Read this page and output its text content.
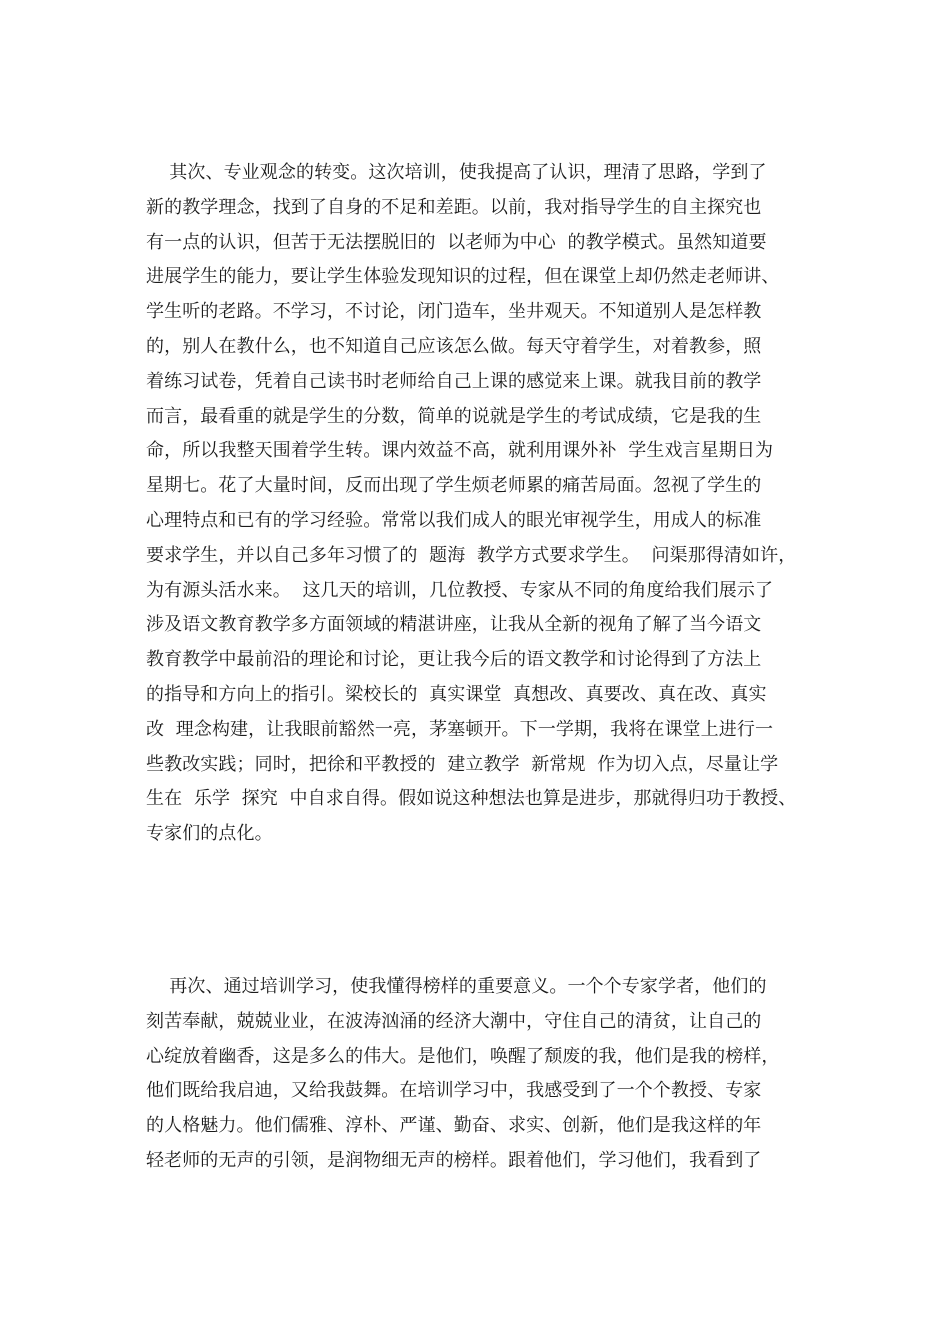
其次、专业观念的转变。这次培训，使我提高了认识，理清了思路，学到了
新的教学理念，找到了自身的不足和差距。以前，我对指导学生的自主探究也
有一点的认识，但苦于无法摆脱旧的  以老师为中心  的教学模式。虽然知道要
进展学生的能力，要让学生体验发现知识的过程，但在课堂上却仍然走老师讲、
学生听的老路。不学习，不讨论，闭门造车，坐井观天。不知道别人是怎样教
的，别人在教什么，也不知道自己应该怎么做。每天守着学生，对着教参，照
着练习试卷，凭着自己读书时老师给自己上课的感觉来上课。就我目前的教学
而言，最看重的就是学生的分数，简单的说就是学生的考试成绩，它是我的生
命，所以我整天围着学生转。课内效益不高，就利用课外补  学生戏言星期日为
星期七。花了大量时间，反而出现了学生烦老师累的痛苦局面。忽视了学生的
心理特点和已有的学习经验。常常以我们成人的眼光审视学生，用成人的标准
要求学生，并以自己多年习惯了的  题海  教学方式要求学生。  问渠那得清如许，
为有源头活水来。  这几天的培训，几位教授、专家从不同的角度给我们展示了
涉及语文教育教学多方面领域的精湛讲座，让我从全新的视角了解了当今语文
教育教学中最前沿的理论和讨论，更让我今后的语文教学和讨论得到了方法上
的指导和方向上的指引。梁校长的  真实课堂  真想改、真要改、真在改、真实
改  理念构建，让我眼前豁然一亮，茅塞顿开。下一学期，我将在课堂上进行一
些教改实践；同时，把徐和平教授的  建立教学  新常规  作为切入点，尽量让学
生在  乐学  探究  中自求自得。假如说这种想法也算是进步，那就得归功于教授、
专家们的点化。
再次、通过培训学习，使我懂得榜样的重要意义。一个个专家学者，他们的
刻苦奉献，兢兢业业，在波涛汹涌的经济大潮中，守住自己的清贫，让自己的
心绽放着幽香，这是多么的伟大。是他们，唤醒了颓废的我，他们是我的榜样，
他们既给我启迪，又给我鼓舞。在培训学习中，我感受到了一个个教授、专家
的人格魅力。他们儒雅、淳朴、严谨、勤奋、求实、创新，他们是我这样的年
轻老师的无声的引领，是润物细无声的榜样。跟着他们，学习他们，我看到了
